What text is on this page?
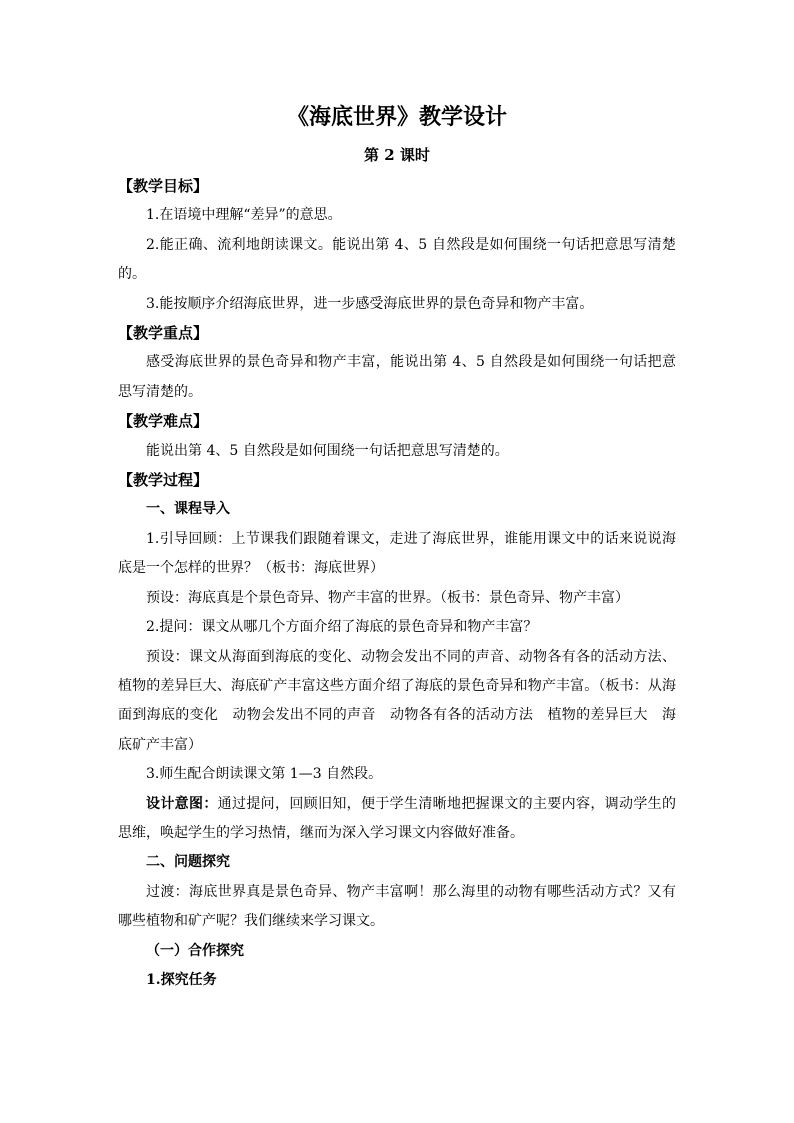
《海底世界》教学设计
第 2 课时
【教学目标】
1.在语境中理解“差异”的意思。
2.能正确、流利地朗读课文。能说出第 4、5 自然段是如何围绕一句话把意思写清楚的。
3.能按顺序介绍海底世界，进一步感受海底世界的景色奇异和物产丰富。
【教学重点】
感受海底世界的景色奇异和物产丰富，能说出第 4、5 自然段是如何围绕一句话把意思写清楚的。
【教学难点】
能说出第 4、5 自然段是如何围绕一句话把意思写清楚的。
【教学过程】
一、课程导入
1.引导回顾：上节课我们跟随着课文，走进了海底世界，谁能用课文中的话来说说海底是一个怎样的世界？（板书：海底世界）
预设：海底真是个景色奇异、物产丰富的世界。（板书：景色奇异、物产丰富）
2.提问：课文从哪几个方面介绍了海底的景色奇异和物产丰富？
预设：课文从海面到海底的变化、动物会发出不同的声音、动物各有各的活动方法、植物的差异巨大、海底矿产丰富这些方面介绍了海底的景色奇异和物产丰富。（板书：从海面到海底的变化　动物会发出不同的声音　动物各有各的活动方法　植物的差异巨大　海底矿产丰富）
3.师生配合朗读课文第 1—3 自然段。
设计意图：通过提问，回顾旧知，便于学生清晰地把握课文的主要内容，调动学生的思维，唤起学生的学习热情，继而为深入学习课文内容做好准备。
二、问题探究
过渡：海底世界真是景色奇异、物产丰富啊！那么海里的动物有哪些活动方式？又有哪些植物和矿产呢？我们继续来学习课文。
（一）合作探究
1.探究任务
